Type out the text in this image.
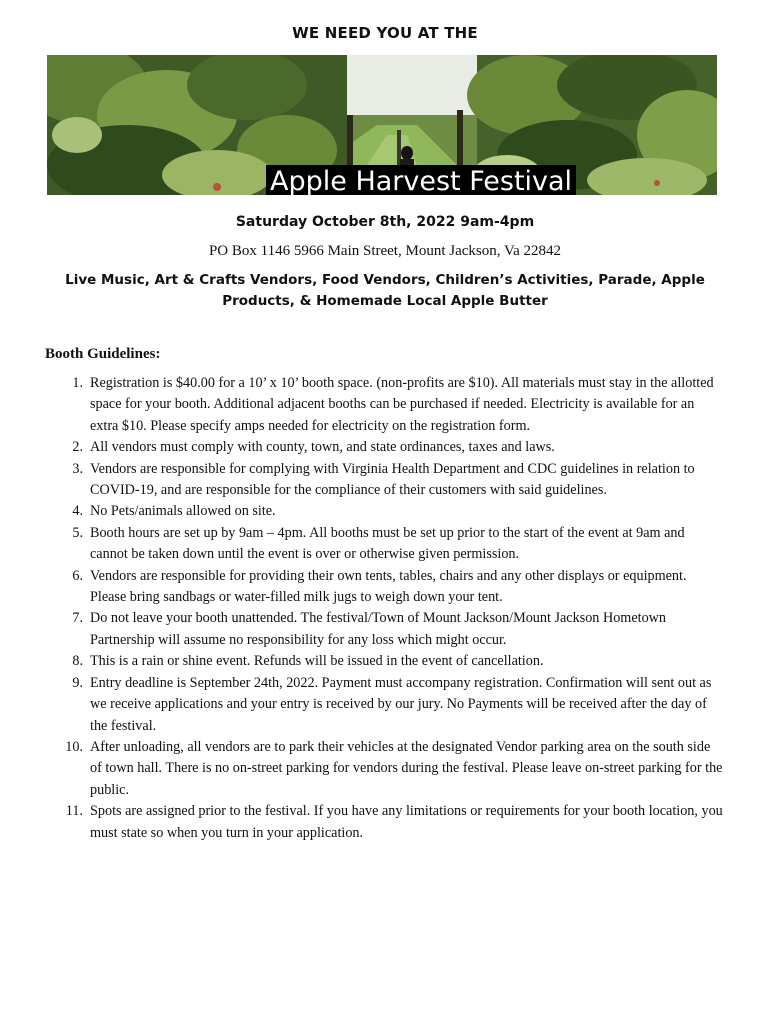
WE NEED YOU AT THE
Apple Harvest Festival
Saturday October 8th, 2022 9am-4pm
PO Box 1146 5966 Main Street, Mount Jackson, Va 22842
Live Music, Art & Crafts Vendors, Food Vendors, Children’s Activities, Parade, Apple Products, & Homemade Local Apple Butter
Booth Guidelines:
1. Registration is $40.00 for a 10’ x 10’ booth space. (non-profits are $10). All materials must stay in the allotted space for your booth. Additional adjacent booths can be purchased if needed. Electricity is available for an extra $10. Please specify amps needed for electricity on the registration form.
2. All vendors must comply with county, town, and state ordinances, taxes and laws.
3. Vendors are responsible for complying with Virginia Health Department and CDC guidelines in relation to COVID-19, and are responsible for the compliance of their customers with said guidelines.
4. No Pets/animals allowed on site.
5. Booth hours are set up by 9am – 4pm. All booths must be set up prior to the start of the event at 9am and cannot be taken down until the event is over or otherwise given permission.
6. Vendors are responsible for providing their own tents, tables, chairs and any other displays or equipment. Please bring sandbags or water-filled milk jugs to weigh down your tent.
7. Do not leave your booth unattended. The festival/Town of Mount Jackson/Mount Jackson Hometown Partnership will assume no responsibility for any loss which might occur.
8. This is a rain or shine event. Refunds will be issued in the event of cancellation.
9. Entry deadline is September 24th, 2022. Payment must accompany registration. Confirmation will sent out as we receive applications and your entry is received by our jury. No Payments will be received after the day of the festival.
10. After unloading, all vendors are to park their vehicles at the designated Vendor parking area on the south side of town hall. There is no on-street parking for vendors during the festival. Please leave on-street parking for the public.
11. Spots are assigned prior to the festival. If you have any limitations or requirements for your booth location, you must state so when you turn in your application.
